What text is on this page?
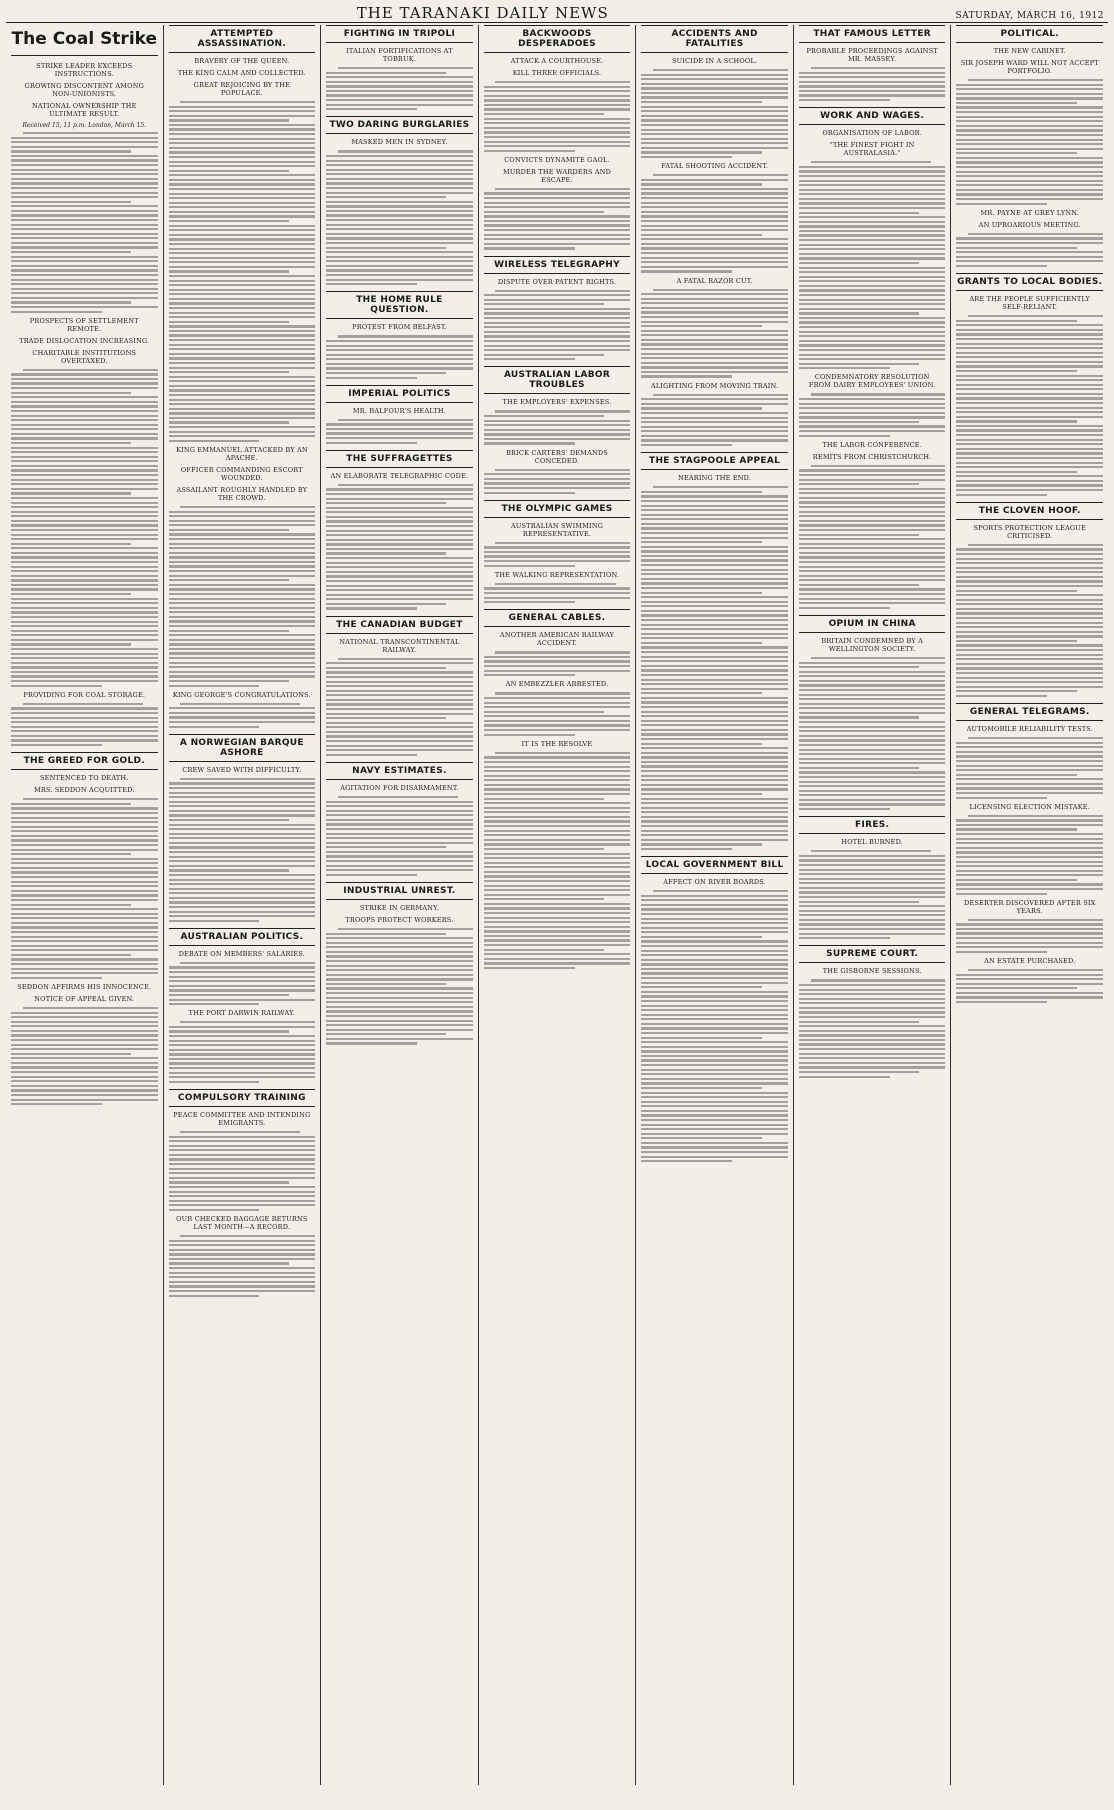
THE TARANAKI DAILY NEWS	SATURDAY, MARCH 16, 1912
The Coal Strike
STRIKE LEADER EXCEEDS INSTRUCTIONS.
GROWING DISCONTENT AMONG NON-UNIONISTS.
NATIONAL OWNERSHIP THE ULTIMATE RESULT.
Received 15, 11 p.m. London, March 15.
PROSPECTS OF SETTLEMENT REMOTE.
TRADE DISLOCATION INCREASING.
CHARITABLE INSTITUTIONS OVERTAXED.
PROVIDING FOR COAL STORAGE.
THE GREED FOR GOLD.
SENTENCED TO DEATH.
MRS. SEDDON ACQUITTED.
SEDDON AFFIRMS HIS INNOCENCE.
NOTICE OF APPEAL GIVEN.
ATTEMPTED ASSASSINATION.
BRAVERY OF THE QUEEN.
THE KING CALM AND COLLECTED.
GREAT REJOICING BY THE POPULACE.
KING EMMANUEL ATTACKED BY AN APACHE.
OFFICER COMMANDING ESCORT WOUNDED.
ASSAILANT ROUGHLY HANDLED BY THE CROWD.
KING GEORGE'S CONGRATULATIONS.
A NORWEGIAN BARQUE ASHORE
CREW SAVED WITH DIFFICULTY.
AUSTRALIAN POLITICS.
DEBATE ON MEMBERS' SALARIES.
THE PORT DARWIN RAILWAY.
COMPULSORY TRAINING
PEACE COMMITTEE AND INTENDING EMIGRANTS.
OUR CHECKED BAGGAGE RETURNS LAST MONTH—A RECORD.
FIGHTING IN TRIPOLI
ITALIAN FORTIFICATIONS AT TOBRUK.
TWO DARING BURGLARIES
MASKED MEN IN SYDNEY.
THE HOME RULE QUESTION.
PROTEST FROM BELFAST.
IMPERIAL POLITICS
MR. BALFOUR'S HEALTH.
THE SUFFRAGETTES
AN ELABORATE TELEGRAPHIC CODE.
THE CANADIAN BUDGET
NATIONAL TRANSCONTINENTAL RAILWAY.
NAVY ESTIMATES.
AGITATION FOR DISARMAMENT.
INDUSTRIAL UNREST.
STRIKE IN GERMANY.
TROOPS PROTECT WORKERS.
BACKWOODS DESPERADOES
ATTACK A COURTHOUSE.
KILL THREE OFFICIALS.
CONVICTS DYNAMITE GAOL.
MURDER THE WARDERS AND ESCAPE.
WIRELESS TELEGRAPHY
DISPUTE OVER PATENT RIGHTS.
AUSTRALIAN LABOR TROUBLES
THE EMPLOYERS' EXPENSES.
BRICK CARTERS' DEMANDS CONCEDED.
THE OLYMPIC GAMES
AUSTRALIAN SWIMMING REPRESENTATIVE.
THE WALKING REPRESENTATION.
GENERAL CABLES.
ANOTHER AMERICAN RAILWAY ACCIDENT.
AN EMBEZZLER ARRESTED.
IT IS THE RESOLVE
ACCIDENTS AND FATALITIES
SUICIDE IN A SCHOOL.
FATAL SHOOTING ACCIDENT.
A FATAL RAZOR CUT.
ALIGHTING FROM MOVING TRAIN.
THE STAGPOOLE APPEAL
NEARING THE END.
LOCAL GOVERNMENT BILL
AFFECT ON RIVER BOARDS.
THAT FAMOUS LETTER
PROBABLE PROCEEDINGS AGAINST MR. MASSEY.
WORK AND WAGES.
ORGANISATION OF LABOR.
"THE FINEST FIGHT IN AUSTRALASIA."
CONDEMNATORY RESOLUTION FROM DAIRY EMPLOYEES' UNION.
THE LABOR CONFERENCE.
REMITS FROM CHRISTCHURCH.
OPIUM IN CHINA
BRITAIN CONDEMNED BY A WELLINGTON SOCIETY.
FIRES.
HOTEL BURNED.
SUPREME COURT.
THE GISBORNE SESSIONS.
POLITICAL.
THE NEW CABINET.
SIR JOSEPH WARD WILL NOT ACCEPT PORTFOLIO.
MR. PAYNE AT GREY LYNN.
AN UPROARIOUS MEETING.
GRANTS TO LOCAL BODIES.
ARE THE PEOPLE SUFFICIENTLY SELF-RELIANT.
THE CLOVEN HOOF.
SPORTS PROTECTION LEAGUE CRITICISED.
GENERAL TELEGRAMS.
AUTOMOBILE RELIABILITY TESTS.
LICENSING ELECTION MISTAKE.
DESERTER DISCOVERED AFTER SIX YEARS.
AN ESTATE PURCHASED.
